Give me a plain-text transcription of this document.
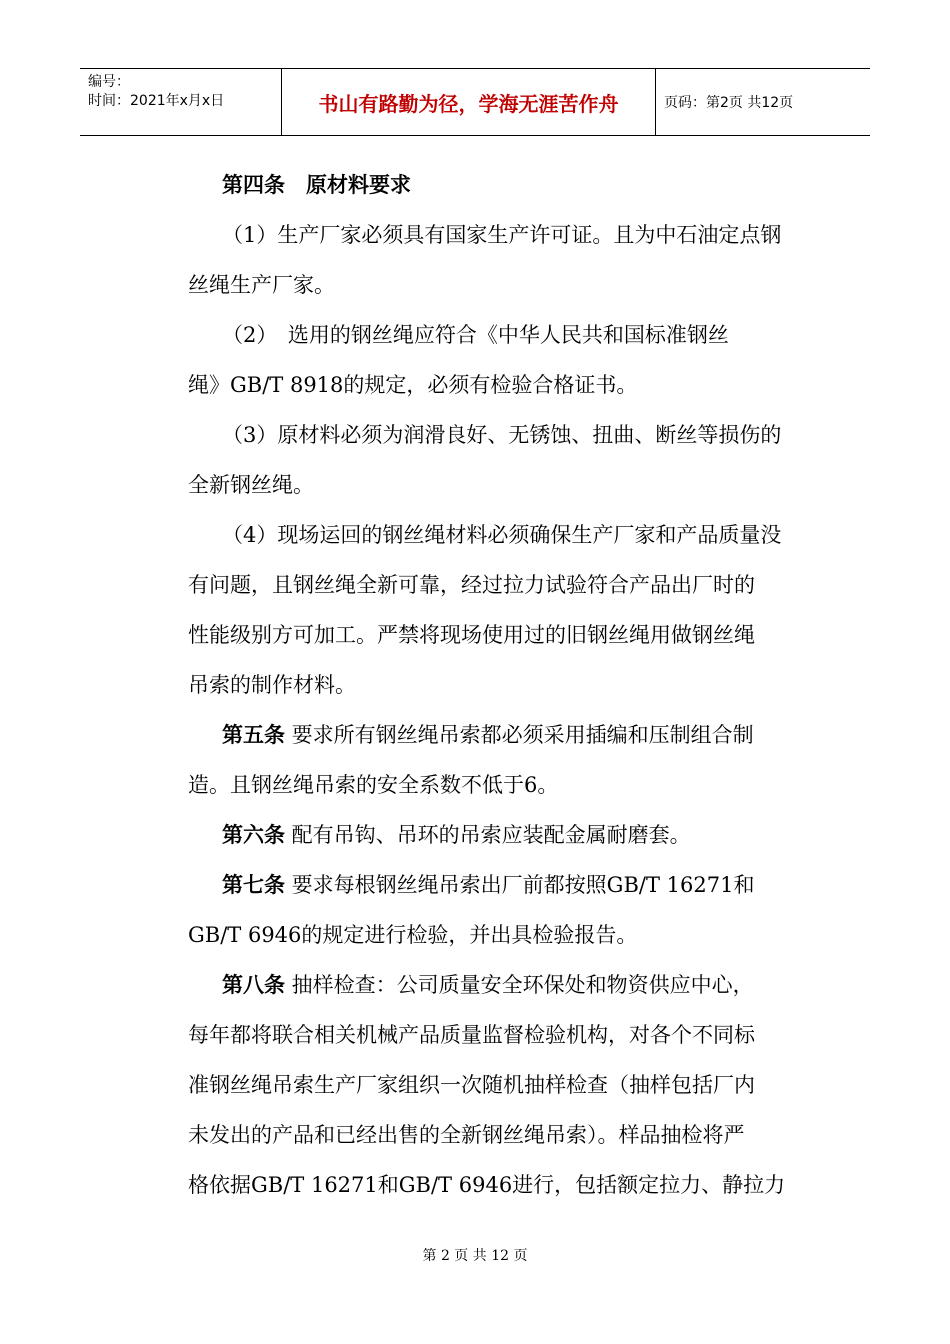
编号：
时间：2021年x月x日	书山有路勤为径，学海无涯苦作舟	页码：第2页 共12页
第四条　原材料要求
（1）生产厂家必须具有国家生产许可证。且为中石油定点钢
丝绳生产厂家。
（2）　选用的钢丝绳应符合《中华人民共和国标准钢丝
绳》GB/T 8918的规定，必须有检验合格证书。
（3）原材料必须为润滑良好、无锈蚀、扭曲、断丝等损伤的
全新钢丝绳。
（4）现场运回的钢丝绳材料必须确保生产厂家和产品质量没
有问题，且钢丝绳全新可靠，经过拉力试验符合产品出厂时的
性能级别方可加工。严禁将现场使用过的旧钢丝绳用做钢丝绳
吊索的制作材料。
第五条 要求所有钢丝绳吊索都必须采用插编和压制组合制
造。且钢丝绳吊索的安全系数不低于6。
第六条 配有吊钩、吊环的吊索应装配金属耐磨套。
第七条 要求每根钢丝绳吊索出厂前都按照GB/T 16271和
GB/T 6946的规定进行检验，并出具检验报告。
第八条 抽样检查：公司质量安全环保处和物资供应中心，
每年都将联合相关机械产品质量监督检验机构，对各个不同标
准钢丝绳吊索生产厂家组织一次随机抽样检查（抽样包括厂内
未发出的产品和已经出售的全新钢丝绳吊索）。样品抽检将严
格依据GB/T 16271和GB/T 6946进行，包括额定拉力、静拉力
第 2 页 共 12 页
